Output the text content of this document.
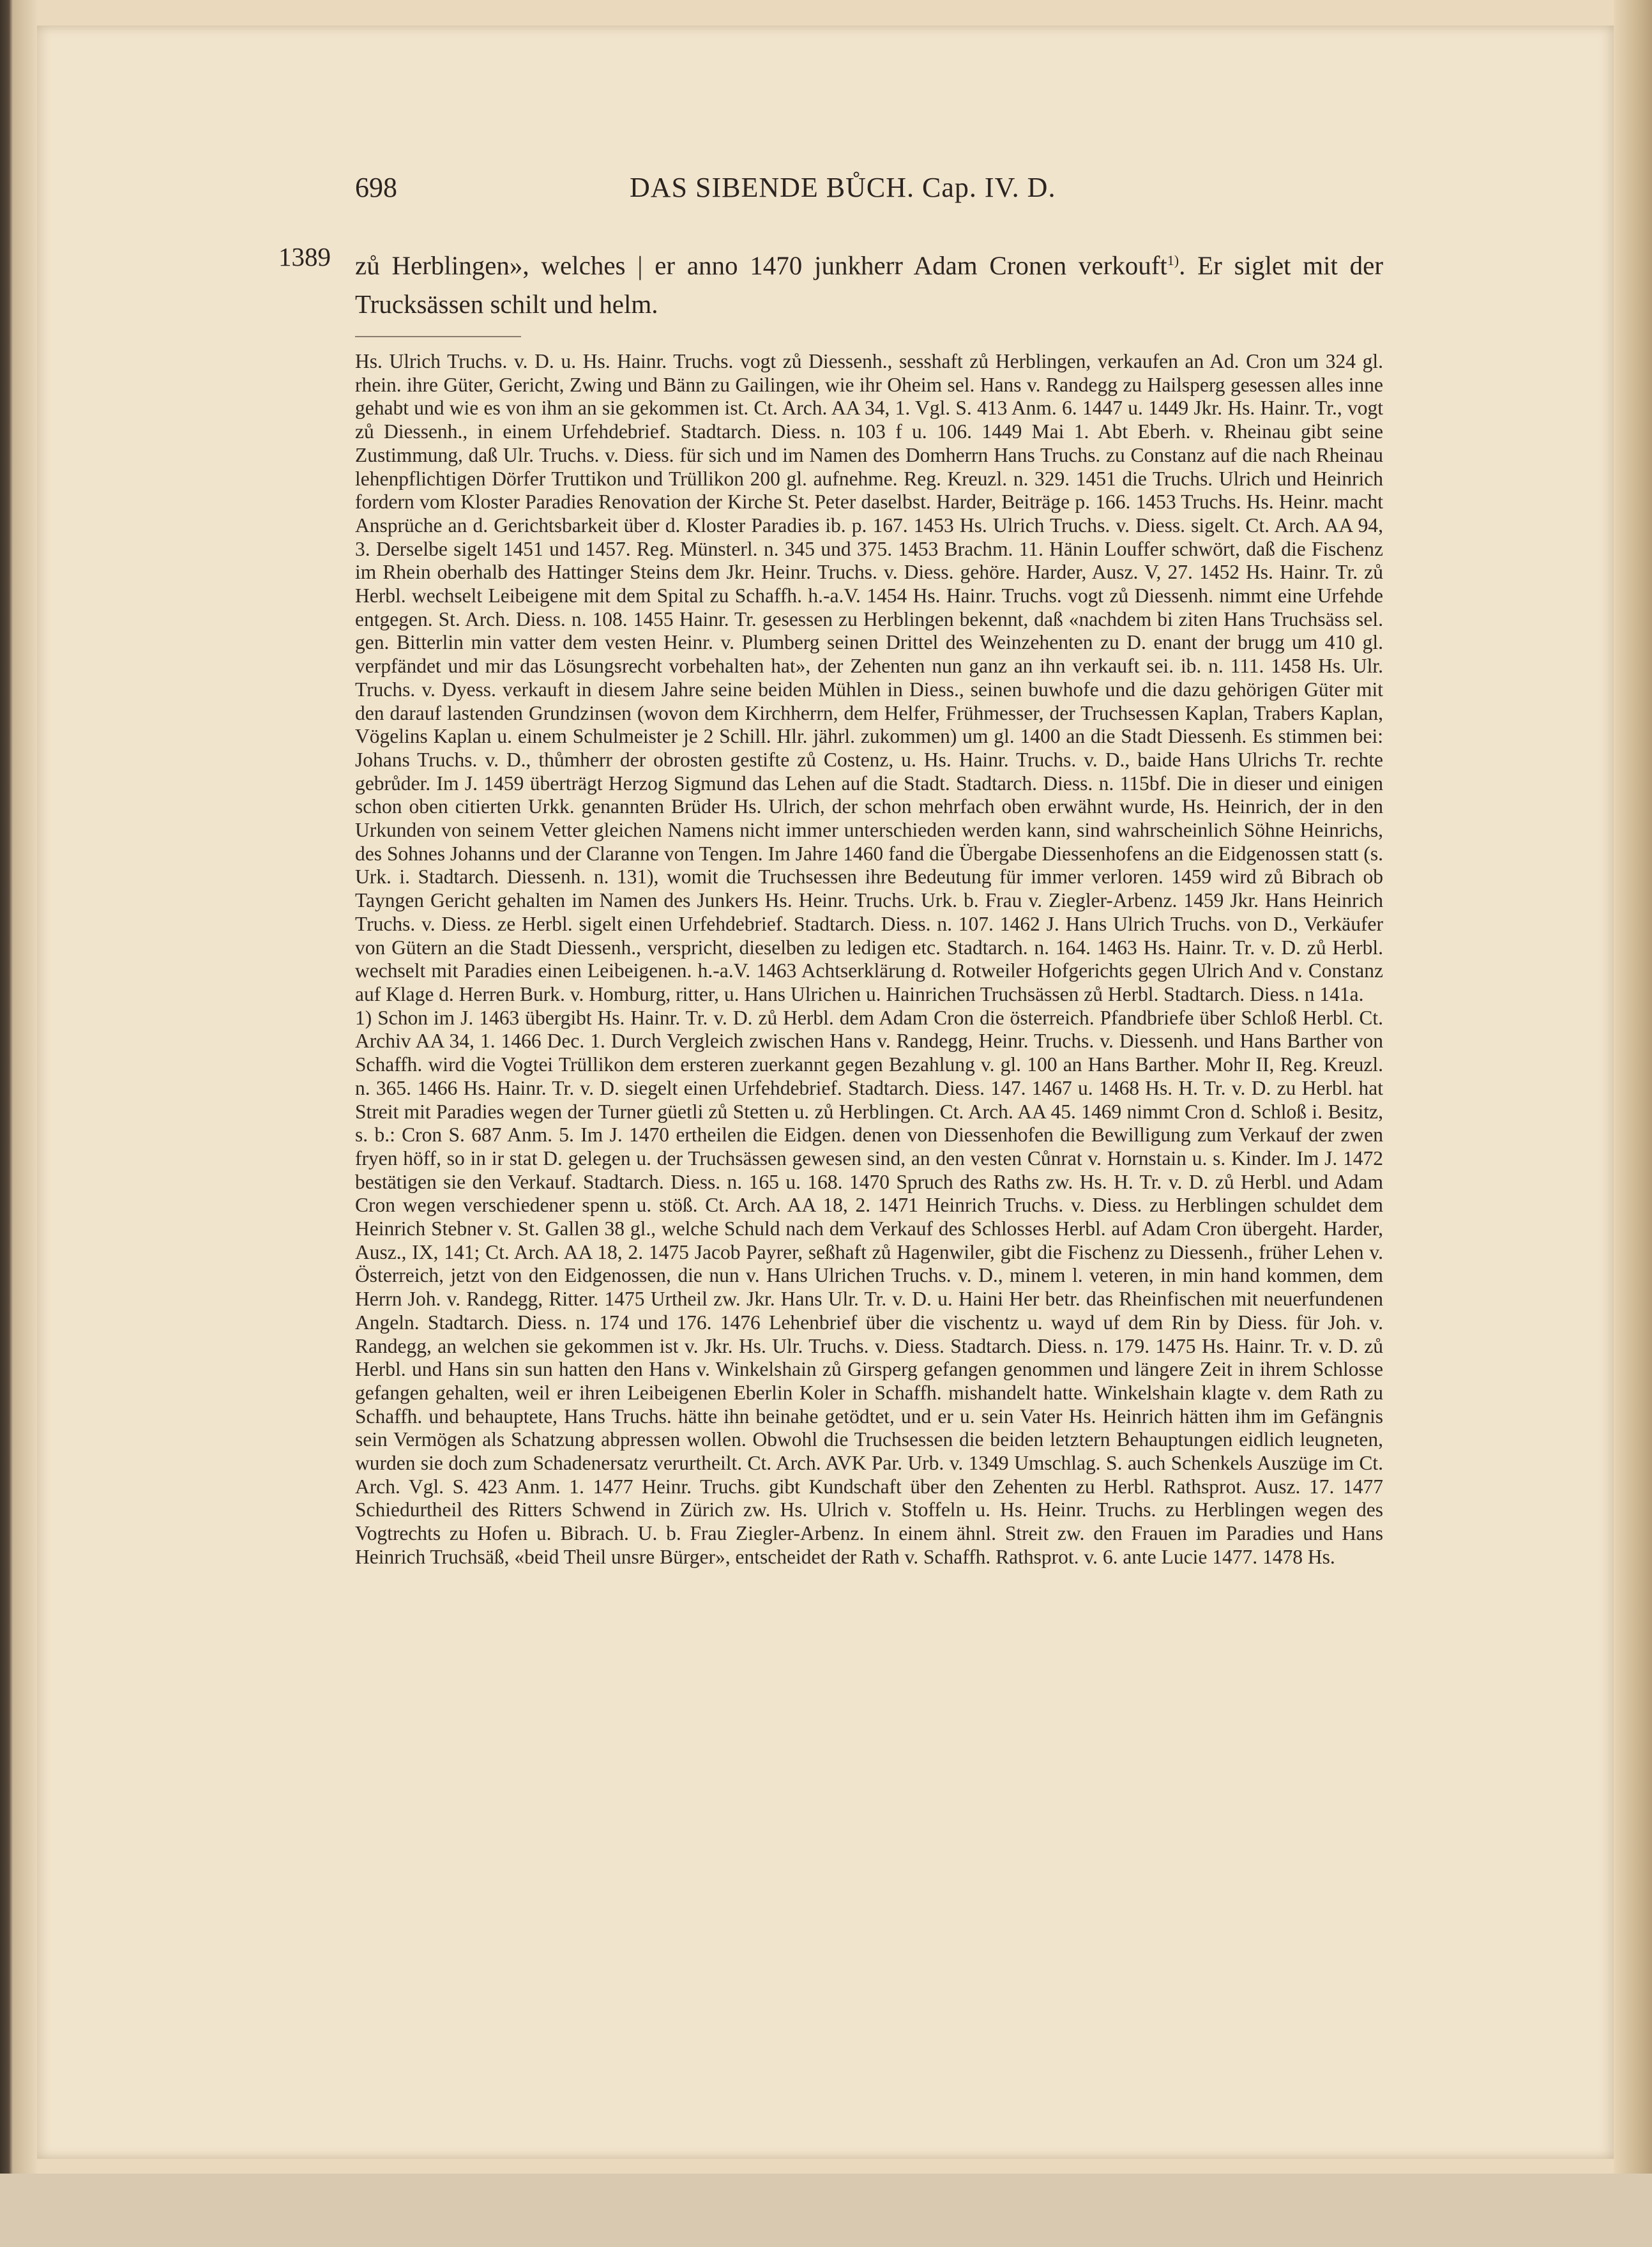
698	DAS SIBENDE BŮCH. Cap. IV. D.
1389 zů Herblingen», welches | er anno 1470 junkherr Adam Cronen verkouft$^{1)}$. Er siglet mit der Trucksässen schilt und helm.

Hs. Ulrich Truchs. v. D. u. Hs. Hainr. Truchs. vogt zů Diessenh., sesshaft zů Herblingen, verkaufen an Ad. Cron um 324 gl. rhein. ihre Güter, Gericht, Zwing und Bänn zu Gailingen, wie ihr Oheim sel. Hans v. Randegg zu Hailsperg gesessen alles inne gehabt und wie es von ihm an sie gekommen ist. Ct. Arch. AA 34, 1. Vgl. S. 413 Anm. 6. 1447 u. 1449 Jkr. Hs. Hainr. Tr., vogt zů Diessenh., in einem Urfehdebrief. Stadtarch. Diess. n. 103 f u. 106. 1449 Mai 1. Abt Eberh. v. Rheinau gibt seine Zustimmung, daß Ulr. Truchs. v. Diess. für sich und im Namen des Domherrn Hans Truchs. zu Constanz auf die nach Rheinau lehenpflichtigen Dörfer Truttikon und Trüllikon 200 gl. aufnehme. Reg. Kreuzl. n. 329. 1451 die Truchs. Ulrich und Heinrich fordern vom Kloster Paradies Renovation der Kirche St. Peter daselbst. Harder, Beiträge p. 166. 1453 Truchs. Hs. Heinr. macht Ansprüche an d. Gerichtsbarkeit über d. Kloster Paradies ib. p. 167. 1453 Hs. Ulrich Truchs. v. Diess. sigelt. Ct. Arch. AA 94, 3. Derselbe sigelt 1451 und 1457. Reg. Münsterl. n. 345 und 375. 1453 Brachm. 11. Hänin Louffer schwört, daß die Fischenz im Rhein oberhalb des Hattinger Steins dem Jkr. Heinr. Truchs. v. Diess. gehöre. Harder, Ausz. V, 27. 1452 Hs. Hainr. Tr. zů Herbl. wechselt Leibeigene mit dem Spital zu Schaffh. h.-a.V. 1454 Hs. Hainr. Truchs. vogt zů Diessenh. nimmt eine Urfehde entgegen. St. Arch. Diess. n. 108. 1455 Hainr. Tr. gesessen zu Herblingen bekennt, daß «nachdem bi ziten Hans Truchsäss sel. gen. Bitterlin min vatter dem vesten Heinr. v. Plumberg seinen Drittel des Weinzehenten zu D. enant der brugg um 410 gl. verpfändet und mir das Lösungsrecht vorbehalten hat», der Zehenten nun ganz an ihn verkauft sei. ib. n. 111. 1458 Hs. Ulr. Truchs. v. Dyess. verkauft in diesem Jahre seine beiden Mühlen in Diess., seinen buwhofe und die dazu gehörigen Güter mit den darauf lastenden Grundzinsen (wovon dem Kirchherrn, dem Helfer, Frühmesser, der Truchsessen Kaplan, Trabers Kaplan, Vögelins Kaplan u. einem Schulmeister je 2 Schill. Hlr. jährl. zukommen) um gl. 1400 an die Stadt Diessenh. Es stimmen bei: Johans Truchs. v. D., thůmherr der obrosten gestifte zů Costenz, u. Hs. Hainr. Truchs. v. D., baide Hans Ulrichs Tr. rechte gebrůder. Im J. 1459 überträgt Herzog Sigmund das Lehen auf die Stadt. Stadtarch. Diess. n. 115bf. Die in dieser und einigen schon oben citierten Urkk. genannten Brüder Hs. Ulrich, der schon mehrfach oben erwähnt wurde, Hs. Heinrich, der in den Urkunden von seinem Vetter gleichen Namens nicht immer unterschieden werden kann, sind wahrscheinlich Söhne Heinrichs, des Sohnes Johanns und der Claranne von Tengen. Im Jahre 1460 fand die Übergabe Diessenhofens an die Eidgenossen statt (s. Urk. i. Stadtarch. Diessenh. n. 131), womit die Truchsessen ihre Bedeutung für immer verloren. 1459 wird zů Bibrach ob Tayngen Gericht gehalten im Namen des Junkers Hs. Heinr. Truchs. Urk. b. Frau v. Ziegler-Arbenz. 1459 Jkr. Hans Heinrich Truchs. v. Diess. ze Herbl. sigelt einen Urfehdebrief. Stadtarch. Diess. n. 107. 1462 J. Hans Ulrich Truchs. von D., Verkäufer von Gütern an die Stadt Diessenh., verspricht, dieselben zu ledigen etc. Stadtarch. n. 164. 1463 Hs. Hainr. Tr. v. D. zů Herbl. wechselt mit Paradies einen Leibeigenen. h.-a.V. 1463 Achtserklärung d. Rotweiler Hofgerichts gegen Ulrich And v. Constanz auf Klage d. Herren Burk. v. Homburg, ritter, u. Hans Ulrichen u. Hainrichen Truchsässen zů Herbl. Stadtarch. Diess. n 141a.

1) Schon im J. 1463 übergibt Hs. Hainr. Tr. v. D. zů Herbl. dem Adam Cron die österreich. Pfandbriefe über Schloß Herbl. Ct. Archiv AA 34, 1. 1466 Dec. 1. Durch Vergleich zwischen Hans v. Randegg, Heinr. Truchs. v. Diessenh. und Hans Barther von Schaffh. wird die Vogtei Trüllikon dem ersteren zuerkannt gegen Bezahlung v. gl. 100 an Hans Barther. Mohr II, Reg. Kreuzl. n. 365. 1466 Hs. Hainr. Tr. v. D. siegelt einen Urfehdebrief. Stadtarch. Diess. 147. 1467 u. 1468 Hs. H. Tr. v. D. zu Herbl. hat Streit mit Paradies wegen der Turner güetli zů Stetten u. zů Herblingen. Ct. Arch. AA 45. 1469 nimmt Cron d. Schloß i. Besitz, s. b.: Cron S. 687 Anm. 5. Im J. 1470 ertheilen die Eidgen. denen von Diessenhofen die Bewilligung zum Verkauf der zwen fryen höff, so in ir stat D. gelegen u. der Truchsässen gewesen sind, an den vesten Cůnrat v. Hornstain u. s. Kinder. Im J. 1472 bestätigen sie den Verkauf. Stadtarch. Diess. n. 165 u. 168. 1470 Spruch des Raths zw. Hs. H. Tr. v. D. zů Herbl. und Adam Cron wegen verschiedener spenn u. stöß. Ct. Arch. AA 18, 2. 1471 Heinrich Truchs. v. Diess. zu Herblingen schuldet dem Heinrich Stebner v. St. Gallen 38 gl., welche Schuld nach dem Verkauf des Schlosses Herbl. auf Adam Cron übergeht. Harder, Ausz., IX, 141; Ct. Arch. AA 18, 2. 1475 Jacob Payrer, seßhaft zů Hagenwiler, gibt die Fischenz zu Diessenh., früher Lehen v. Österreich, jetzt von den Eidgenossen, die nun v. Hans Ulrichen Truchs. v. D., minem l. veteren, in min hand kommen, dem Herrn Joh. v. Randegg, Ritter. 1475 Urtheil zw. Jkr. Hans Ulr. Tr. v. D. u. Haini Her betr. das Rheinfischen mit neuerfundenen Angeln. Stadtarch. Diess. n. 174 und 176. 1476 Lehenbrief über die vischentz u. wayd uf dem Rin by Diess. für Joh. v. Randegg, an welchen sie gekommen ist v. Jkr. Hs. Ulr. Truchs. v. Diess. Stadtarch. Diess. n. 179. 1475 Hs. Hainr. Tr. v. D. zů Herbl. und Hans sin sun hatten den Hans v. Winkelshain zů Girsperg gefangen genommen und längere Zeit in ihrem Schlosse gefangen gehalten, weil er ihren Leibeigenen Eberlin Koler in Schaffh. mishandelt hatte. Winkelshain klagte v. dem Rath zu Schaffh. und behauptete, Hans Truchs. hätte ihn beinahe getödtet, und er u. sein Vater Hs. Heinrich hätten ihm im Gefängnis sein Vermögen als Schatzung abpressen wollen. Obwohl die Truchsessen die beiden letztern Behauptungen eidlich leugneten, wurden sie doch zum Schadenersatz verurtheilt. Ct. Arch. AVK Par. Urb. v. 1349 Umschlag. S. auch Schenkels Auszüge im Ct. Arch. Vgl. S. 423 Anm. 1. 1477 Heinr. Truchs. gibt Kundschaft über den Zehenten zu Herbl. Rathsprot. Ausz. 17. 1477 Schiedurtheil des Ritters Schwend in Zürich zw. Hs. Ulrich v. Stoffeln u. Hs. Heinr. Truchs. zu Herblingen wegen des Vogtrechts zu Hofen u. Bibrach. U. b. Frau Ziegler-Arbenz. In einem ähnl. Streit zw. den Frauen im Paradies und Hans Heinrich Truchsäß, «beid Theil unsre Bürger», entscheidet der Rath v. Schaffh. Rathsprot. v. 6. ante Lucie 1477. 1478 Hs.
